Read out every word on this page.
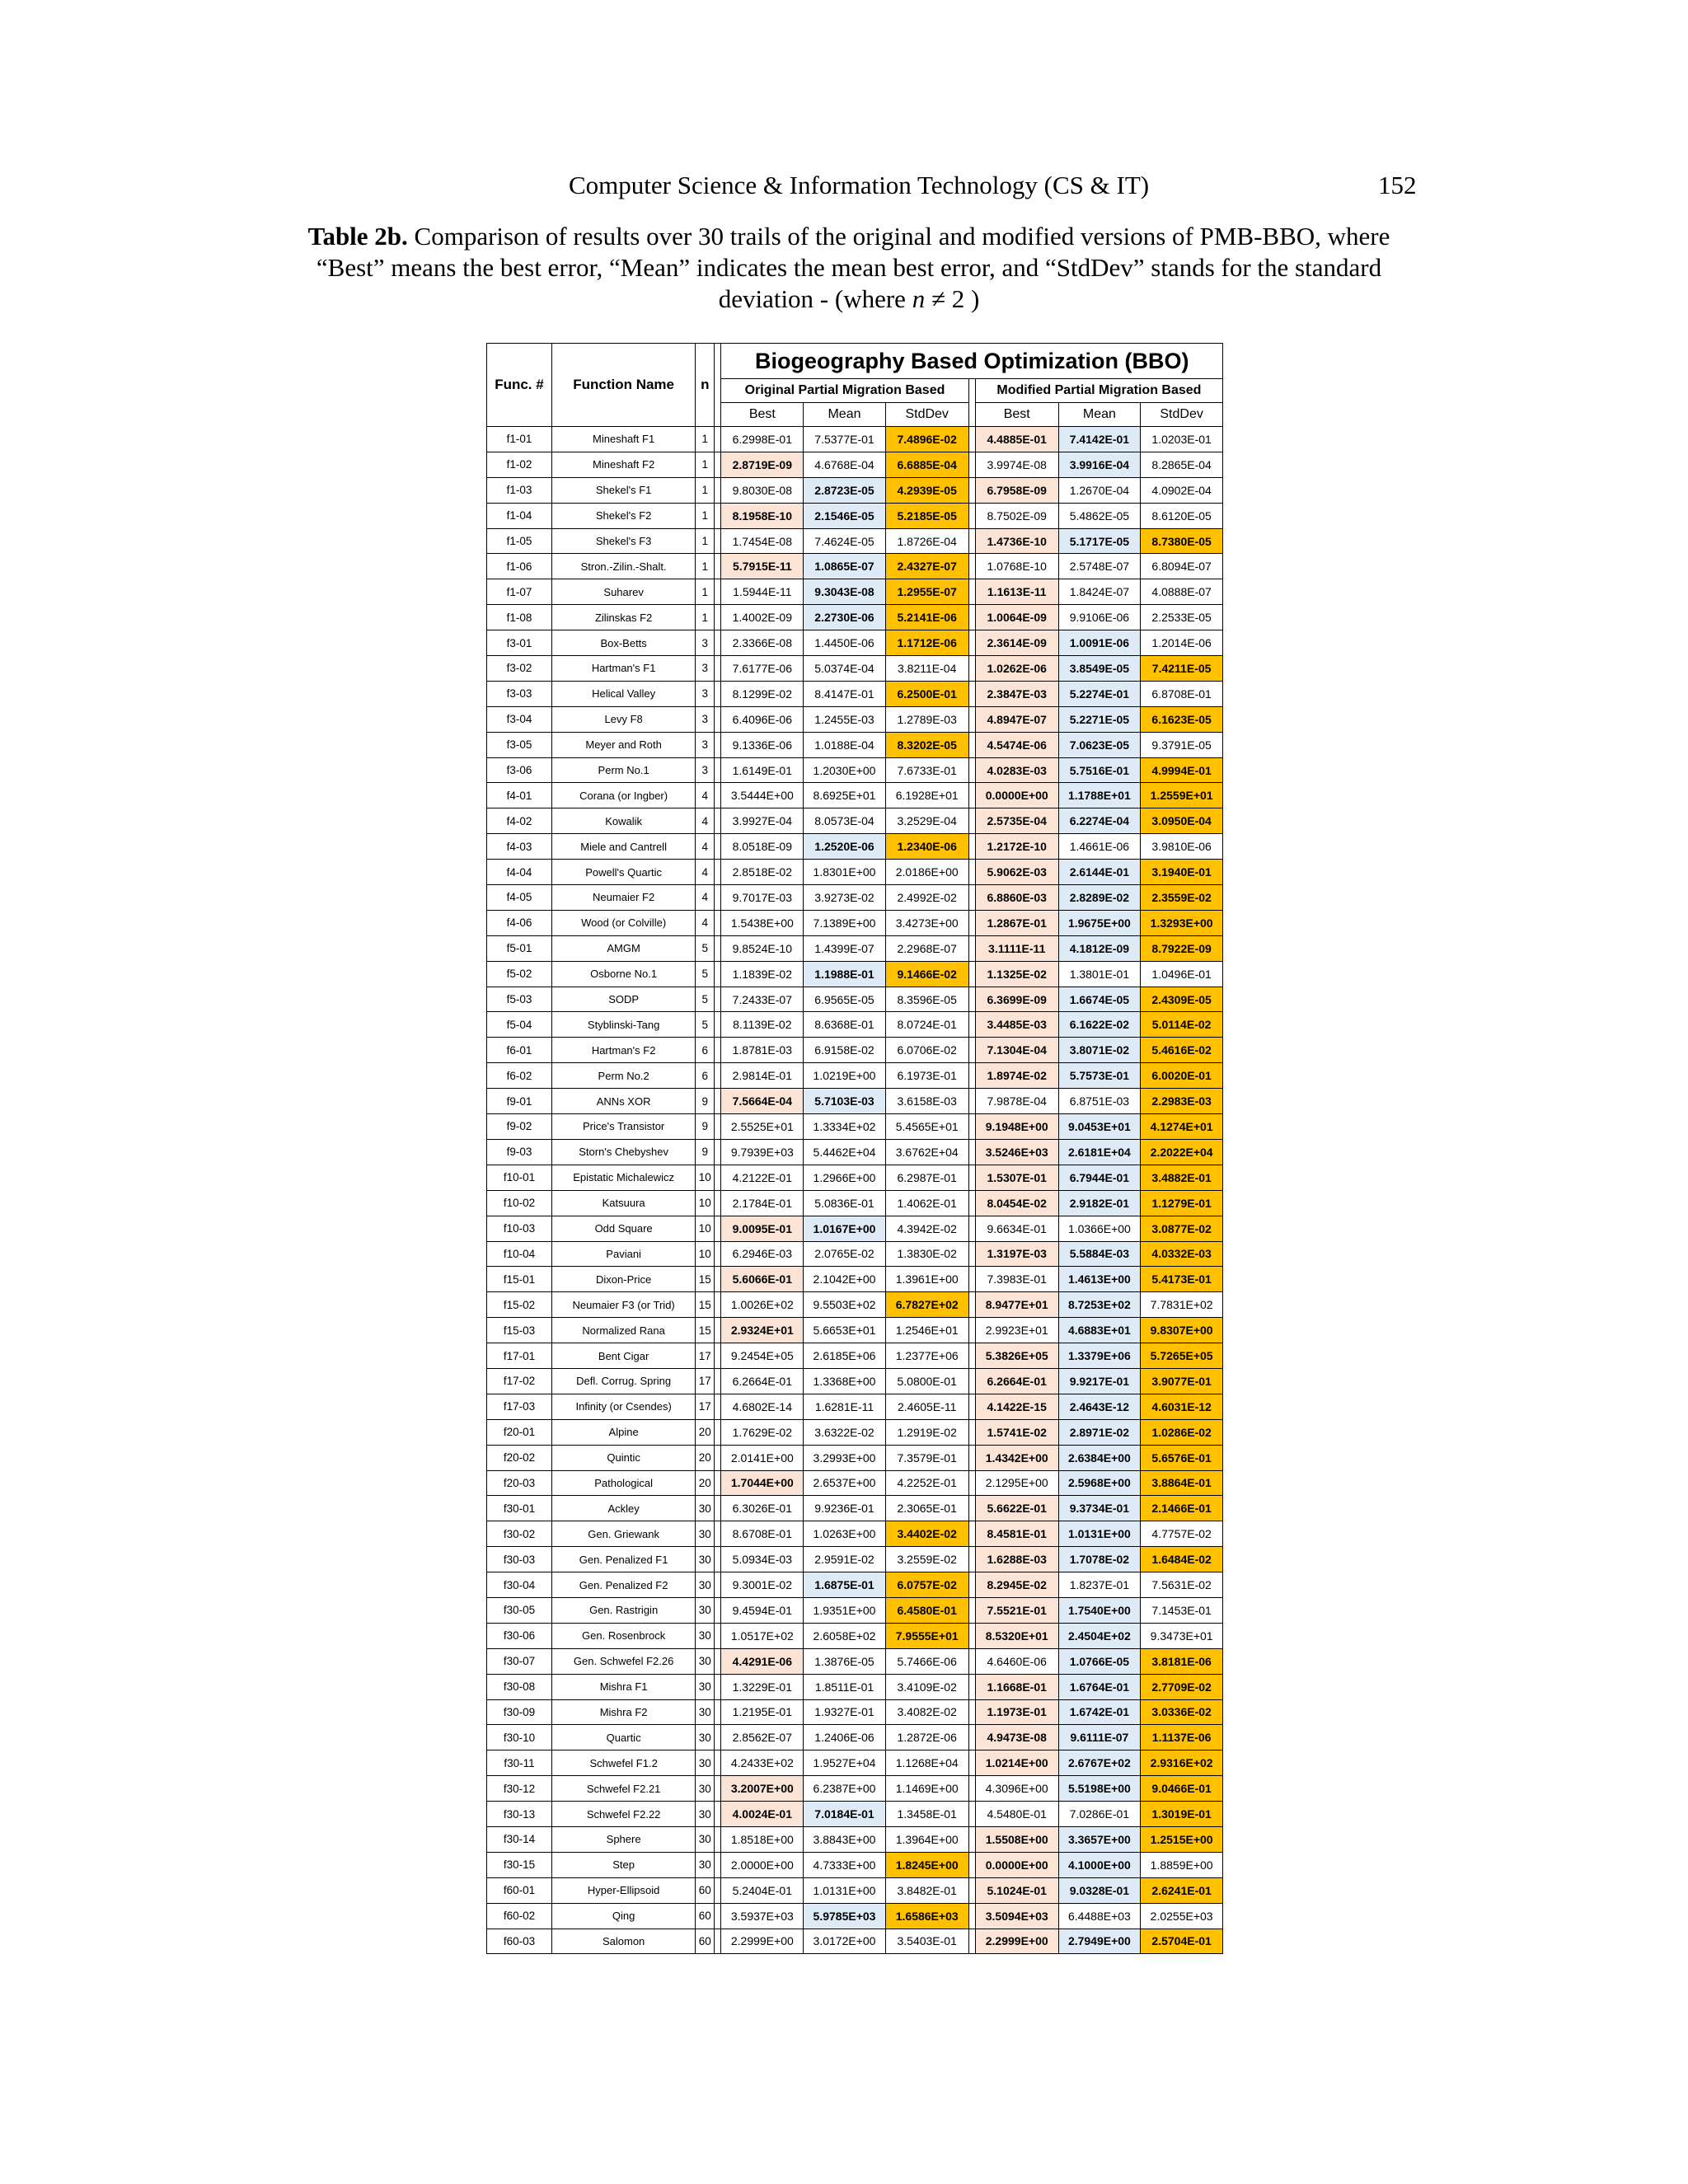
Computer Science & Information Technology (CS & IT)	152
Table 2b. Comparison of results over 30 trails of the original and modified versions of PMB-BBO, where “Best” means the best error, “Mean” indicates the mean best error, and “StdDev” stands for the standard deviation - (where n ≠ 2 )
Func. #	Function Name	n		Biogeography Based Optimization (BBO)						
				Original Partial Migration Based				Modified Partial Migration Based		
				Best	Mean	StdDev		Best	Mean	StdDev
f1-01	Mineshaft F1	1		6.2998E-01	7.5377E-01	7.4896E-02		4.4885E-01	7.4142E-01	1.0203E-01
f1-02	Mineshaft F2	1		2.8719E-09	4.6768E-04	6.6885E-04		3.9974E-08	3.9916E-04	8.2865E-04
f1-03	Shekel's F1	1		9.8030E-08	2.8723E-05	4.2939E-05		6.7958E-09	1.2670E-04	4.0902E-04
f1-04	Shekel's F2	1		8.1958E-10	2.1546E-05	5.2185E-05		8.7502E-09	5.4862E-05	8.6120E-05
f1-05	Shekel's F3	1		1.7454E-08	7.4624E-05	1.8726E-04		1.4736E-10	5.1717E-05	8.7380E-05
f1-06	Stron.-Zilin.-Shalt.	1		5.7915E-11	1.0865E-07	2.4327E-07		1.0768E-10	2.5748E-07	6.8094E-07
f1-07	Suharev	1		1.5944E-11	9.3043E-08	1.2955E-07		1.1613E-11	1.8424E-07	4.0888E-07
f1-08	Zilinskas F2	1		1.4002E-09	2.2730E-06	5.2141E-06		1.0064E-09	9.9106E-06	2.2533E-05
f3-01	Box-Betts	3		2.3366E-08	1.4450E-06	1.1712E-06		2.3614E-09	1.0091E-06	1.2014E-06
f3-02	Hartman's F1	3		7.6177E-06	5.0374E-04	3.8211E-04		1.0262E-06	3.8549E-05	7.4211E-05
f3-03	Helical Valley	3		8.1299E-02	8.4147E-01	6.2500E-01		2.3847E-03	5.2274E-01	6.8708E-01
f3-04	Levy F8	3		6.4096E-06	1.2455E-03	1.2789E-03		4.8947E-07	5.2271E-05	6.1623E-05
f3-05	Meyer and Roth	3		9.1336E-06	1.0188E-04	8.3202E-05		4.5474E-06	7.0623E-05	9.3791E-05
f3-06	Perm No.1	3		1.6149E-01	1.2030E+00	7.6733E-01		4.0283E-03	5.7516E-01	4.9994E-01
f4-01	Corana (or Ingber)	4		3.5444E+00	8.6925E+01	6.1928E+01		0.0000E+00	1.1788E+01	1.2559E+01
f4-02	Kowalik	4		3.9927E-04	8.0573E-04	3.2529E-04		2.5735E-04	6.2274E-04	3.0950E-04
f4-03	Miele and Cantrell	4		8.0518E-09	1.2520E-06	1.2340E-06		1.2172E-10	1.4661E-06	3.9810E-06
f4-04	Powell's Quartic	4		2.8518E-02	1.8301E+00	2.0186E+00		5.9062E-03	2.6144E-01	3.1940E-01
f4-05	Neumaier F2	4		9.7017E-03	3.9273E-02	2.4992E-02		6.8860E-03	2.8289E-02	2.3559E-02
f4-06	Wood (or Colville)	4		1.5438E+00	7.1389E+00	3.4273E+00		1.2867E-01	1.9675E+00	1.3293E+00
f5-01	AMGM	5		9.8524E-10	1.4399E-07	2.2968E-07		3.1111E-11	4.1812E-09	8.7922E-09
f5-02	Osborne No.1	5		1.1839E-02	1.1988E-01	9.1466E-02		1.1325E-02	1.3801E-01	1.0496E-01
f5-03	SODP	5		7.2433E-07	6.9565E-05	8.3596E-05		6.3699E-09	1.6674E-05	2.4309E-05
f5-04	Styblinski-Tang	5		8.1139E-02	8.6368E-01	8.0724E-01		3.4485E-03	6.1622E-02	5.0114E-02
f6-01	Hartman's F2	6		1.8781E-03	6.9158E-02	6.0706E-02		7.1304E-04	3.8071E-02	5.4616E-02
f6-02	Perm No.2	6		2.9814E-01	1.0219E+00	6.1973E-01		1.8974E-02	5.7573E-01	6.0020E-01
f9-01	ANNs XOR	9		7.5664E-04	5.7103E-03	3.6158E-03		7.9878E-04	6.8751E-03	2.2983E-03
f9-02	Price's Transistor	9		2.5525E+01	1.3334E+02	5.4565E+01		9.1948E+00	9.0453E+01	4.1274E+01
f9-03	Storn's Chebyshev	9		9.7939E+03	5.4462E+04	3.6762E+04		3.5246E+03	2.6181E+04	2.2022E+04
f10-01	Epistatic Michalewicz	10		4.2122E-01	1.2966E+00	6.2987E-01		1.5307E-01	6.7944E-01	3.4882E-01
f10-02	Katsuura	10		2.1784E-01	5.0836E-01	1.4062E-01		8.0454E-02	2.9182E-01	1.1279E-01
f10-03	Odd Square	10		9.0095E-01	1.0167E+00	4.3942E-02		9.6634E-01	1.0366E+00	3.0877E-02
f10-04	Paviani	10		6.2946E-03	2.0765E-02	1.3830E-02		1.3197E-03	5.5884E-03	4.0332E-03
f15-01	Dixon-Price	15		5.6066E-01	2.1042E+00	1.3961E+00		7.3983E-01	1.4613E+00	5.4173E-01
f15-02	Neumaier F3 (or Trid)	15		1.0026E+02	9.5503E+02	6.7827E+02		8.9477E+01	8.7253E+02	7.7831E+02
f15-03	Normalized Rana	15		2.9324E+01	5.6653E+01	1.2546E+01		2.9923E+01	4.6883E+01	9.8307E+00
f17-01	Bent Cigar	17		9.2454E+05	2.6185E+06	1.2377E+06		5.3826E+05	1.3379E+06	5.7265E+05
f17-02	Defl. Corrug. Spring	17		6.2664E-01	1.3368E+00	5.0800E-01		6.2664E-01	9.9217E-01	3.9077E-01
f17-03	Infinity (or Csendes)	17		4.6802E-14	1.6281E-11	2.4605E-11		4.1422E-15	2.4643E-12	4.6031E-12
f20-01	Alpine	20		1.7629E-02	3.6322E-02	1.2919E-02		1.5741E-02	2.8971E-02	1.0286E-02
f20-02	Quintic	20		2.0141E+00	3.2993E+00	7.3579E-01		1.4342E+00	2.6384E+00	5.6576E-01
f20-03	Pathological	20		1.7044E+00	2.6537E+00	4.2252E-01		2.1295E+00	2.5968E+00	3.8864E-01
f30-01	Ackley	30		6.3026E-01	9.9236E-01	2.3065E-01		5.6622E-01	9.3734E-01	2.1466E-01
f30-02	Gen. Griewank	30		8.6708E-01	1.0263E+00	3.4402E-02		8.4581E-01	1.0131E+00	4.7757E-02
f30-03	Gen. Penalized F1	30		5.0934E-03	2.9591E-02	3.2559E-02		1.6288E-03	1.7078E-02	1.6484E-02
f30-04	Gen. Penalized F2	30		9.3001E-02	1.6875E-01	6.0757E-02		8.2945E-02	1.8237E-01	7.5631E-02
f30-05	Gen. Rastrigin	30		9.4594E-01	1.9351E+00	6.4580E-01		7.5521E-01	1.7540E+00	7.1453E-01
f30-06	Gen. Rosenbrock	30		1.0517E+02	2.6058E+02	7.9555E+01		8.5320E+01	2.4504E+02	9.3473E+01
f30-07	Gen. Schwefel F2.26	30		4.4291E-06	1.3876E-05	5.7466E-06		4.6460E-06	1.0766E-05	3.8181E-06
f30-08	Mishra F1	30		1.3229E-01	1.8511E-01	3.4109E-02		1.1668E-01	1.6764E-01	2.7709E-02
f30-09	Mishra F2	30		1.2195E-01	1.9327E-01	3.4082E-02		1.1973E-01	1.6742E-01	3.0336E-02
f30-10	Quartic	30		2.8562E-07	1.2406E-06	1.2872E-06		4.9473E-08	9.6111E-07	1.1137E-06
f30-11	Schwefel F1.2	30		4.2433E+02	1.9527E+04	1.1268E+04		1.0214E+00	2.6767E+02	2.9316E+02
f30-12	Schwefel F2.21	30		3.2007E+00	6.2387E+00	1.1469E+00		4.3096E+00	5.5198E+00	9.0466E-01
f30-13	Schwefel F2.22	30		4.0024E-01	7.0184E-01	1.3458E-01		4.5480E-01	7.0286E-01	1.3019E-01
f30-14	Sphere	30		1.8518E+00	3.8843E+00	1.3964E+00		1.5508E+00	3.3657E+00	1.2515E+00
f30-15	Step	30		2.0000E+00	4.7333E+00	1.8245E+00		0.0000E+00	4.1000E+00	1.8859E+00
f60-01	Hyper-Ellipsoid	60		5.2404E-01	1.0131E+00	3.8482E-01		5.1024E-01	9.0328E-01	2.6241E-01
f60-02	Qing	60		3.5937E+03	5.9785E+03	1.6586E+03		3.5094E+03	6.4488E+03	2.0255E+03
f60-03	Salomon	60		2.2999E+00	3.0172E+00	3.5403E-01		2.2999E+00	2.7949E+00	2.5704E-01
